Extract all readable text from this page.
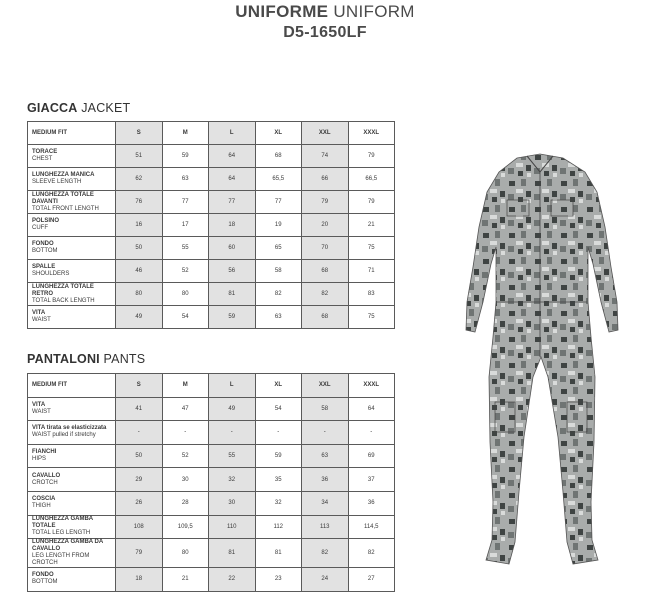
UNIFORME UNIFORM
D5-1650LF
GIACCA JACKET
MEDIUM FIT	S	M	L	XL	XXL	XXXL

TORACE
CHEST	51	59	64	68	74	79

LUNGHEZZA MANICA
SLEEVE LENGTH	62	63	64	65,5	66	66,5

LUNGHEZZA TOTALE DAVANTI
TOTAL FRONT LENGTH	76	77	77	77	79	79

POLSINO
CUFF	16	17	18	19	20	21

FONDO
BOTTOM	50	55	60	65	70	75

SPALLE
SHOULDERS	46	52	56	58	68	71

LUNGHEZZA TOTALE RETRO
TOTAL BACK LENGTH	80	80	81	82	82	83

VITA
WAIST	49	54	59	63	68	75
PANTALONI PANTS
MEDIUM FIT	S	M	L	XL	XXL	XXXL

VITA
WAIST	41	47	49	54	58	64

VITA tirata se elasticizzata
WAIST pulled if stretchy	-	-	-	-	-	-

FIANCHI
HIPS	50	52	55	59	63	69

CAVALLO
CROTCH	29	30	32	35	36	37

COSCIA
THIGH	26	28	30	32	34	36

LUNGHEZZA GAMBA TOTALE
TOTAL LEG LENGTH	108	109,5	110	112	113	114,5

LUNGHEZZA GAMBA DA CAVALLO
LEG LENGTH FROM CROTCH	79	80	81	81	82	82

FONDO
BOTTOM	18	21	22	23	24	27
